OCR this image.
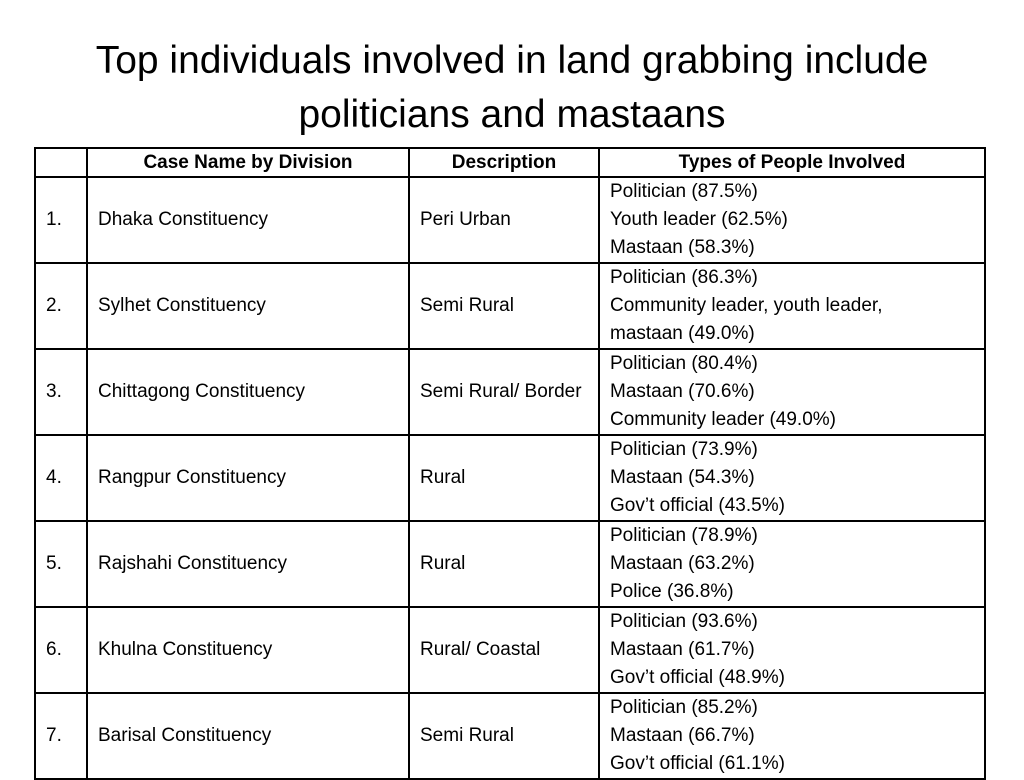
Top individuals involved in land grabbing include
politicians and mastaans
	Case Name by Division	Description	Types of People Involved
1.	Dhaka Constituency	Peri Urban	Politician (87.5%)
Youth leader (62.5%)
Mastaan (58.3%)

2.	Sylhet Constituency	Semi Rural	Politician (86.3%)
Community leader, youth leader,
mastaan (49.0%)

3.	Chittagong Constituency	Semi Rural/ Border	Politician (80.4%)
Mastaan (70.6%)
Community leader (49.0%)

4.	Rangpur Constituency	Rural	Politician (73.9%)
Mastaan (54.3%)
Gov’t official (43.5%)

5.	Rajshahi Constituency	Rural	Politician (78.9%)
Mastaan (63.2%)
Police (36.8%)

6.	Khulna Constituency	Rural/ Coastal	Politician (93.6%)
Mastaan (61.7%)
Gov’t official (48.9%)

7.	Barisal Constituency	Semi Rural	Politician (85.2%)
Mastaan (66.7%)
Gov’t official (61.1%)
